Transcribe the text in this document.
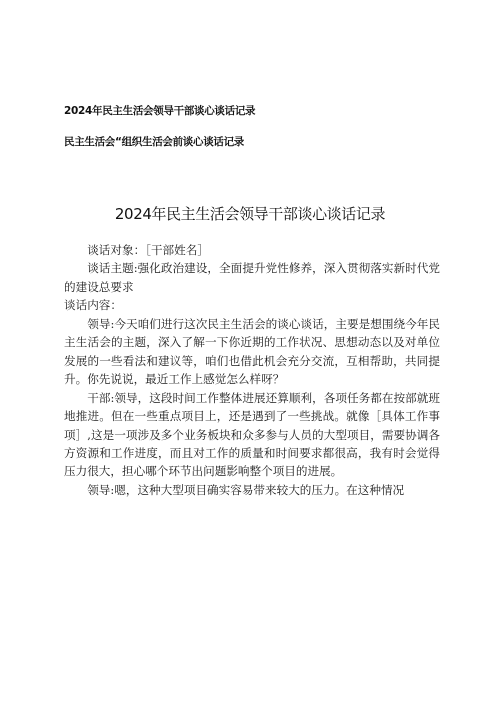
2024年民主生活会领导干部谈心谈话记录
民主生活会“组织生活会前谈心谈话记录
2024年民主生活会领导干部谈心谈话记录

谈话对象：［干部姓名］

谈话主题:强化政治建设，全面提升党性修养，深入贯彻落实新时代党的建设总要求

谈话内容：

领导:今天咱们进行这次民主生活会的谈心谈话，主要是想围绕今年民主生活会的主题，深入了解一下你近期的工作状况、思想动态以及对单位发展的一些看法和建议等，咱们也借此机会充分交流，互相帮助，共同提升。你先说说，最近工作上感觉怎么样呀？

干部:领导，这段时间工作整体进展还算顺利，各项任务都在按部就班地推进。但在一些重点项目上，还是遇到了一些挑战。就像［具体工作事项］,这是一项涉及多个业务板块和众多参与人员的大型项目，需要协调各方资源和工作进度，而且对工作的质量和时间要求都很高，我有时会觉得压力很大，担心哪个环节出问题影响整个项目的进展。

领导:嗯，这种大型项目确实容易带来较大的压力。在这种情况
